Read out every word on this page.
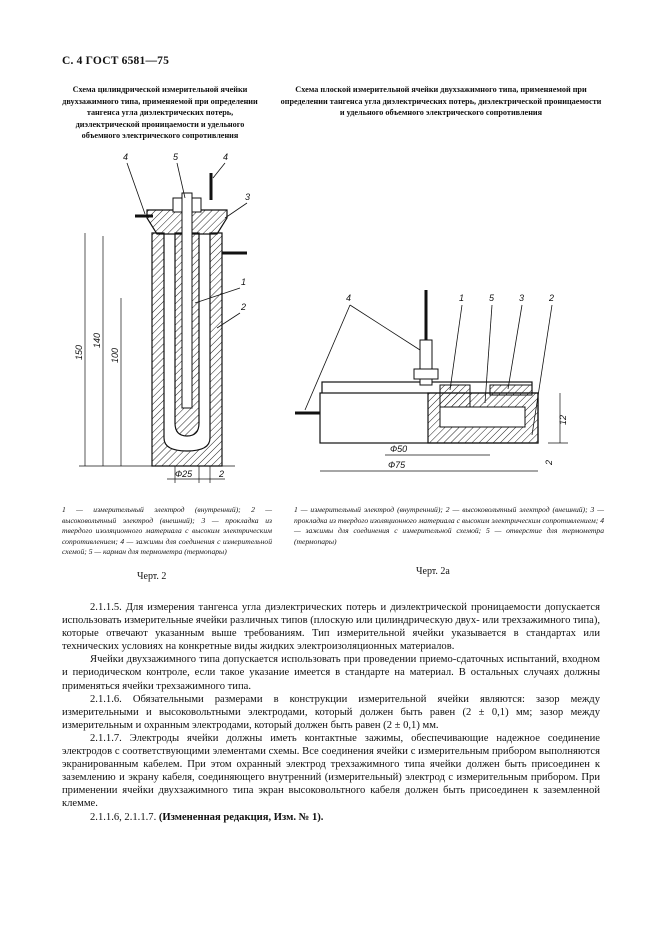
С. 4 ГОСТ 6581—75
Схема цилиндрической измерительной ячейки двухзажимного типа, применяемой при определении тангенса угла диэлектрических потерь, диэлектрической проницаемости и удельного объемного электрического сопротивления
Схема плоской измерительной ячейки двухзажимного типа, применяемой при определении тангенса угла диэлектрических потерь, диэлектрической проницаемости и удельного объемного электрического сопротивления
4	5	4
3
1
2
150
140
100
Ф25	2
4	1	5	3	2
12
2
Ф50
Ф75
1 — измерительный электрод (внутренний); 2 — высоковольтный электрод (внешний); 3 — прокладка из твердого изоляционного материала с высоким электрическим сопротивлением; 4 — зажимы для соединения с измерительной схемой; 5 — карман для термометра (термопары)
1 — измерительный электрод (внутренний); 2 — высоковольтный электрод (внешний); 3 — прокладка из твердого изоляционного материала с высоким электрическим сопротивлением; 4 — зажимы для соединения с измерительной схемой; 5 — отверстие для термометра (термопары)
Черт. 2	Черт. 2а

2.1.1.5. Для измерения тангенса угла диэлектрических потерь и диэлектрической проницаемости допускается использовать измерительные ячейки различных типов (плоскую или цилиндрическую двух- или трехзажимного типа), которые отвечают указанным выше требованиям. Тип измерительной ячейки указывается в стандартах или технических условиях на конкретные виды жидких электроизоляционных материалов.

Ячейки двухзажимного типа допускается использовать при проведении приемо-сдаточных испытаний, входном и периодическом контроле, если такое указание имеется в стандарте на материал. В остальных случаях должны применяться ячейки трехзажимного типа.

2.1.1.6. Обязательными размерами в конструкции измерительной ячейки являются: зазор между измерительными и высоковольтными электродами, который должен быть равен (2 ± 0,1) мм; зазор между измерительным и охранным электродами, который должен быть равен (2 ± 0,1) мм.

2.1.1.7. Электроды ячейки должны иметь контактные зажимы, обеспечивающие надежное соединение электродов с соответствующими элементами схемы. Все соединения ячейки с измерительным прибором выполняются экранированным кабелем. При этом охранный электрод трехзажимного типа ячейки должен быть присоединен к заземлению и экрану кабеля, соединяющего внутренний (измерительный) электрод с измерительным прибором. При применении ячейки двухзажимного типа экран высоковольтного кабеля должен быть присоединен к заземленной клемме.

2.1.1.6, 2.1.1.7. (Измененная редакция, Изм. № 1).
